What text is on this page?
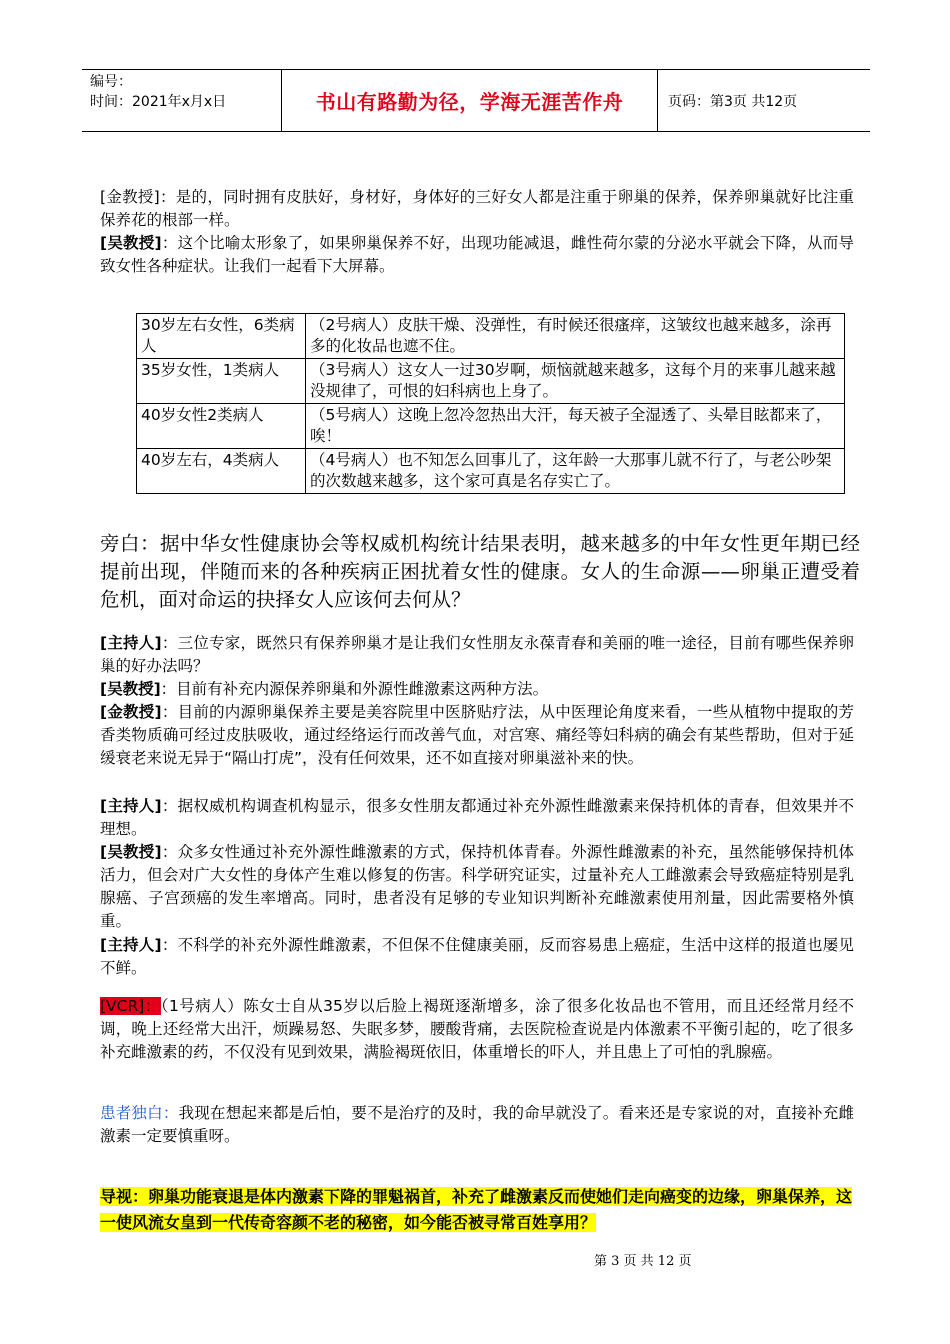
编号：
时间：2021年x月x日	书山有路勤为径，学海无涯苦作舟	页码：第3页 共12页
[金教授]：是的，同时拥有皮肤好，身材好，身体好的三好女人都是注重于卵巢的保养，保养卵巢就好比注重保养花的根部一样。
[吴教授]：这个比喻太形象了，如果卵巢保养不好，出现功能减退，雌性荷尔蒙的分泌水平就会下降，从而导致女性各种症状。让我们一起看下大屏幕。
30岁左右女性，6类病人	（2号病人）皮肤干燥、没弹性，有时候还很瘙痒，这皱纹也越来越多，涂再多的化妆品也遮不住。
35岁女性，1类病人	（3号病人）这女人一过30岁啊，烦恼就越来越多，这每个月的来事儿越来越没规律了，可恨的妇科病也上身了。
40岁女性2类病人	（5号病人）这晚上忽冷忽热出大汗，每天被子全湿透了、头晕目眩都来了，唉！
40岁左右，4类病人	（4号病人）也不知怎么回事儿了，这年龄一大那事儿就不行了，与老公吵架的次数越来越多，这个家可真是名存实亡了。
旁白：据中华女性健康协会等权威机构统计结果表明，越来越多的中年女性更年期已经提前出现，伴随而来的各种疾病正困扰着女性的健康。女人的生命源——卵巢正遭受着危机，面对命运的抉择女人应该何去何从？
[主持人]：三位专家，既然只有保养卵巢才是让我们女性朋友永葆青春和美丽的唯一途径，目前有哪些保养卵巢的好办法吗？
[吴教授]：目前有补充内源保养卵巢和外源性雌激素这两种方法。
[金教授]：目前的内源卵巢保养主要是美容院里中医脐贴疗法，从中医理论角度来看，一些从植物中提取的芳香类物质确可经过皮肤吸收，通过经络运行而改善气血，对宫寒、痛经等妇科病的确会有某些帮助，但对于延缓衰老来说无异于“隔山打虎”，没有任何效果，还不如直接对卵巢滋补来的快。
[主持人]：据权威机构调查机构显示，很多女性朋友都通过补充外源性雌激素来保持机体的青春，但效果并不理想。
[吴教授]：众多女性通过补充外源性雌激素的方式，保持机体青春。外源性雌激素的补充，虽然能够保持机体活力，但会对广大女性的身体产生难以修复的伤害。科学研究证实，过量补充人工雌激素会导致癌症特别是乳腺癌、子宫颈癌的发生率增高。同时，患者没有足够的专业知识判断补充雌激素使用剂量，因此需要格外慎重。
[主持人]：不科学的补充外源性雌激素，不但保不住健康美丽，反而容易患上癌症，生活中这样的报道也屡见不鲜。
[VCR]：（1号病人）陈女士自从35岁以后脸上褐斑逐渐增多，涂了很多化妆品也不管用，而且还经常月经不调，晚上还经常大出汗，烦躁易怒、失眠多梦，腰酸背痛，去医院检查说是内体激素不平衡引起的，吃了很多补充雌激素的药，不仅没有见到效果，满脸褐斑依旧，体重增长的吓人，并且患上了可怕的乳腺癌。
患者独白：我现在想起来都是后怕，要不是治疗的及时，我的命早就没了。看来还是专家说的对，直接补充雌激素一定要慎重呀。
导视：卵巢功能衰退是体内激素下降的罪魁祸首，补充了雌激素反而使她们走向癌变的边缘，卵巢保养，这一使风流女皇到一代传奇容颜不老的秘密，如今能否被寻常百姓享用？
第 3 页 共 12 页
